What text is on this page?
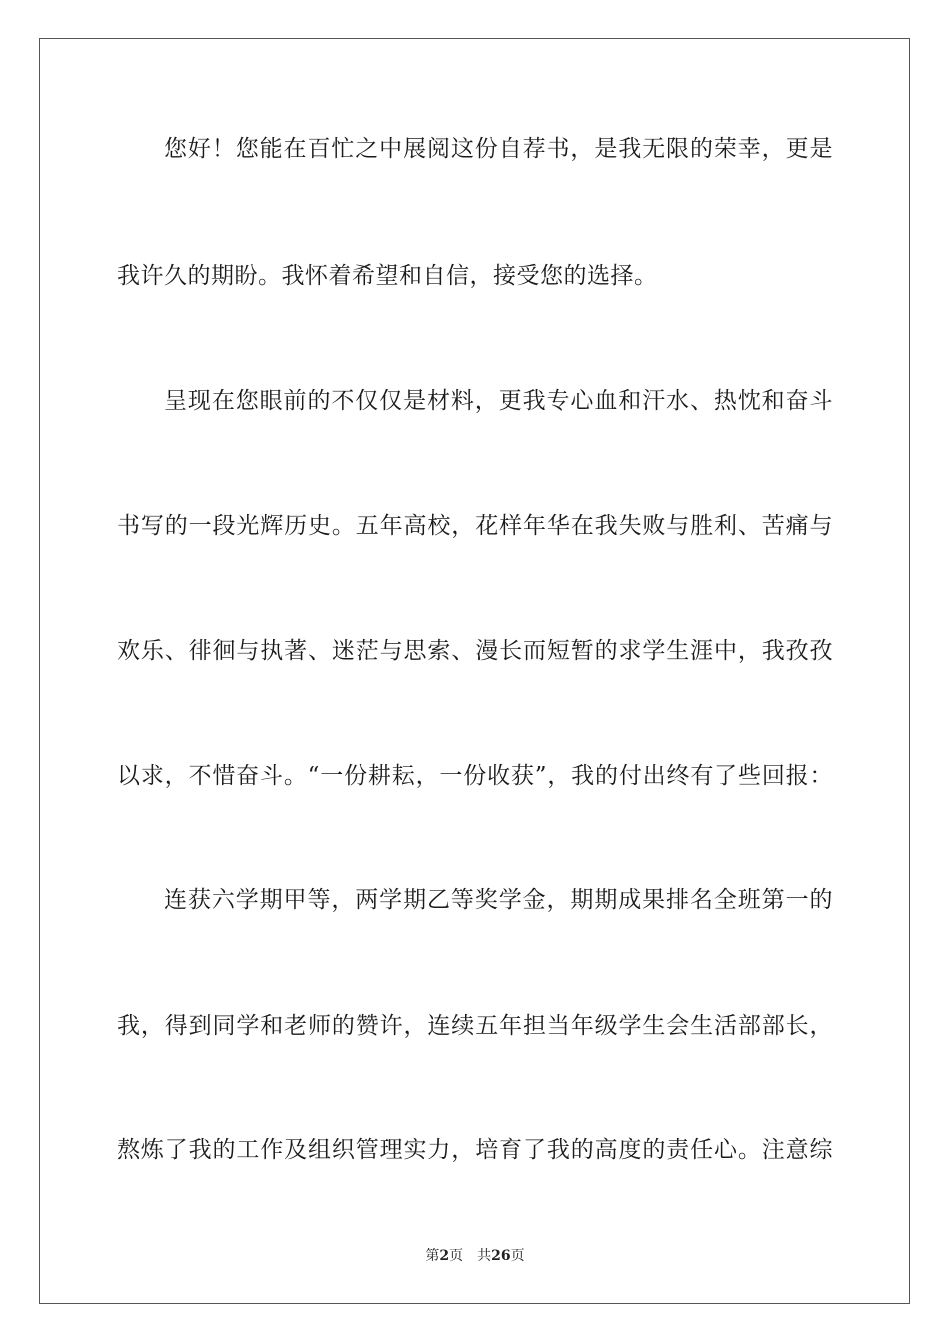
您好！您能在百忙之中展阅这份自荐书，是我无限的荣幸，更是
我许久的期盼。我怀着希望和自信，接受您的选择。
呈现在您眼前的不仅仅是材料，更我专心血和汗水、热忱和奋斗
书写的一段光辉历史。五年高校，花样年华在我失败与胜利、苦痛与
欢乐、徘徊与执著、迷茫与思索、漫长而短暂的求学生涯中，我孜孜
以求，不惜奋斗。“一份耕耘，一份收获”，我的付出终有了些回报：
连获六学期甲等，两学期乙等奖学金，期期成果排名全班第一的
我，得到同学和老师的赞许，连续五年担当年级学生会生活部部长，
熬炼了我的工作及组织管理实力，培育了我的高度的责任心。注意综
第2页 共26页
